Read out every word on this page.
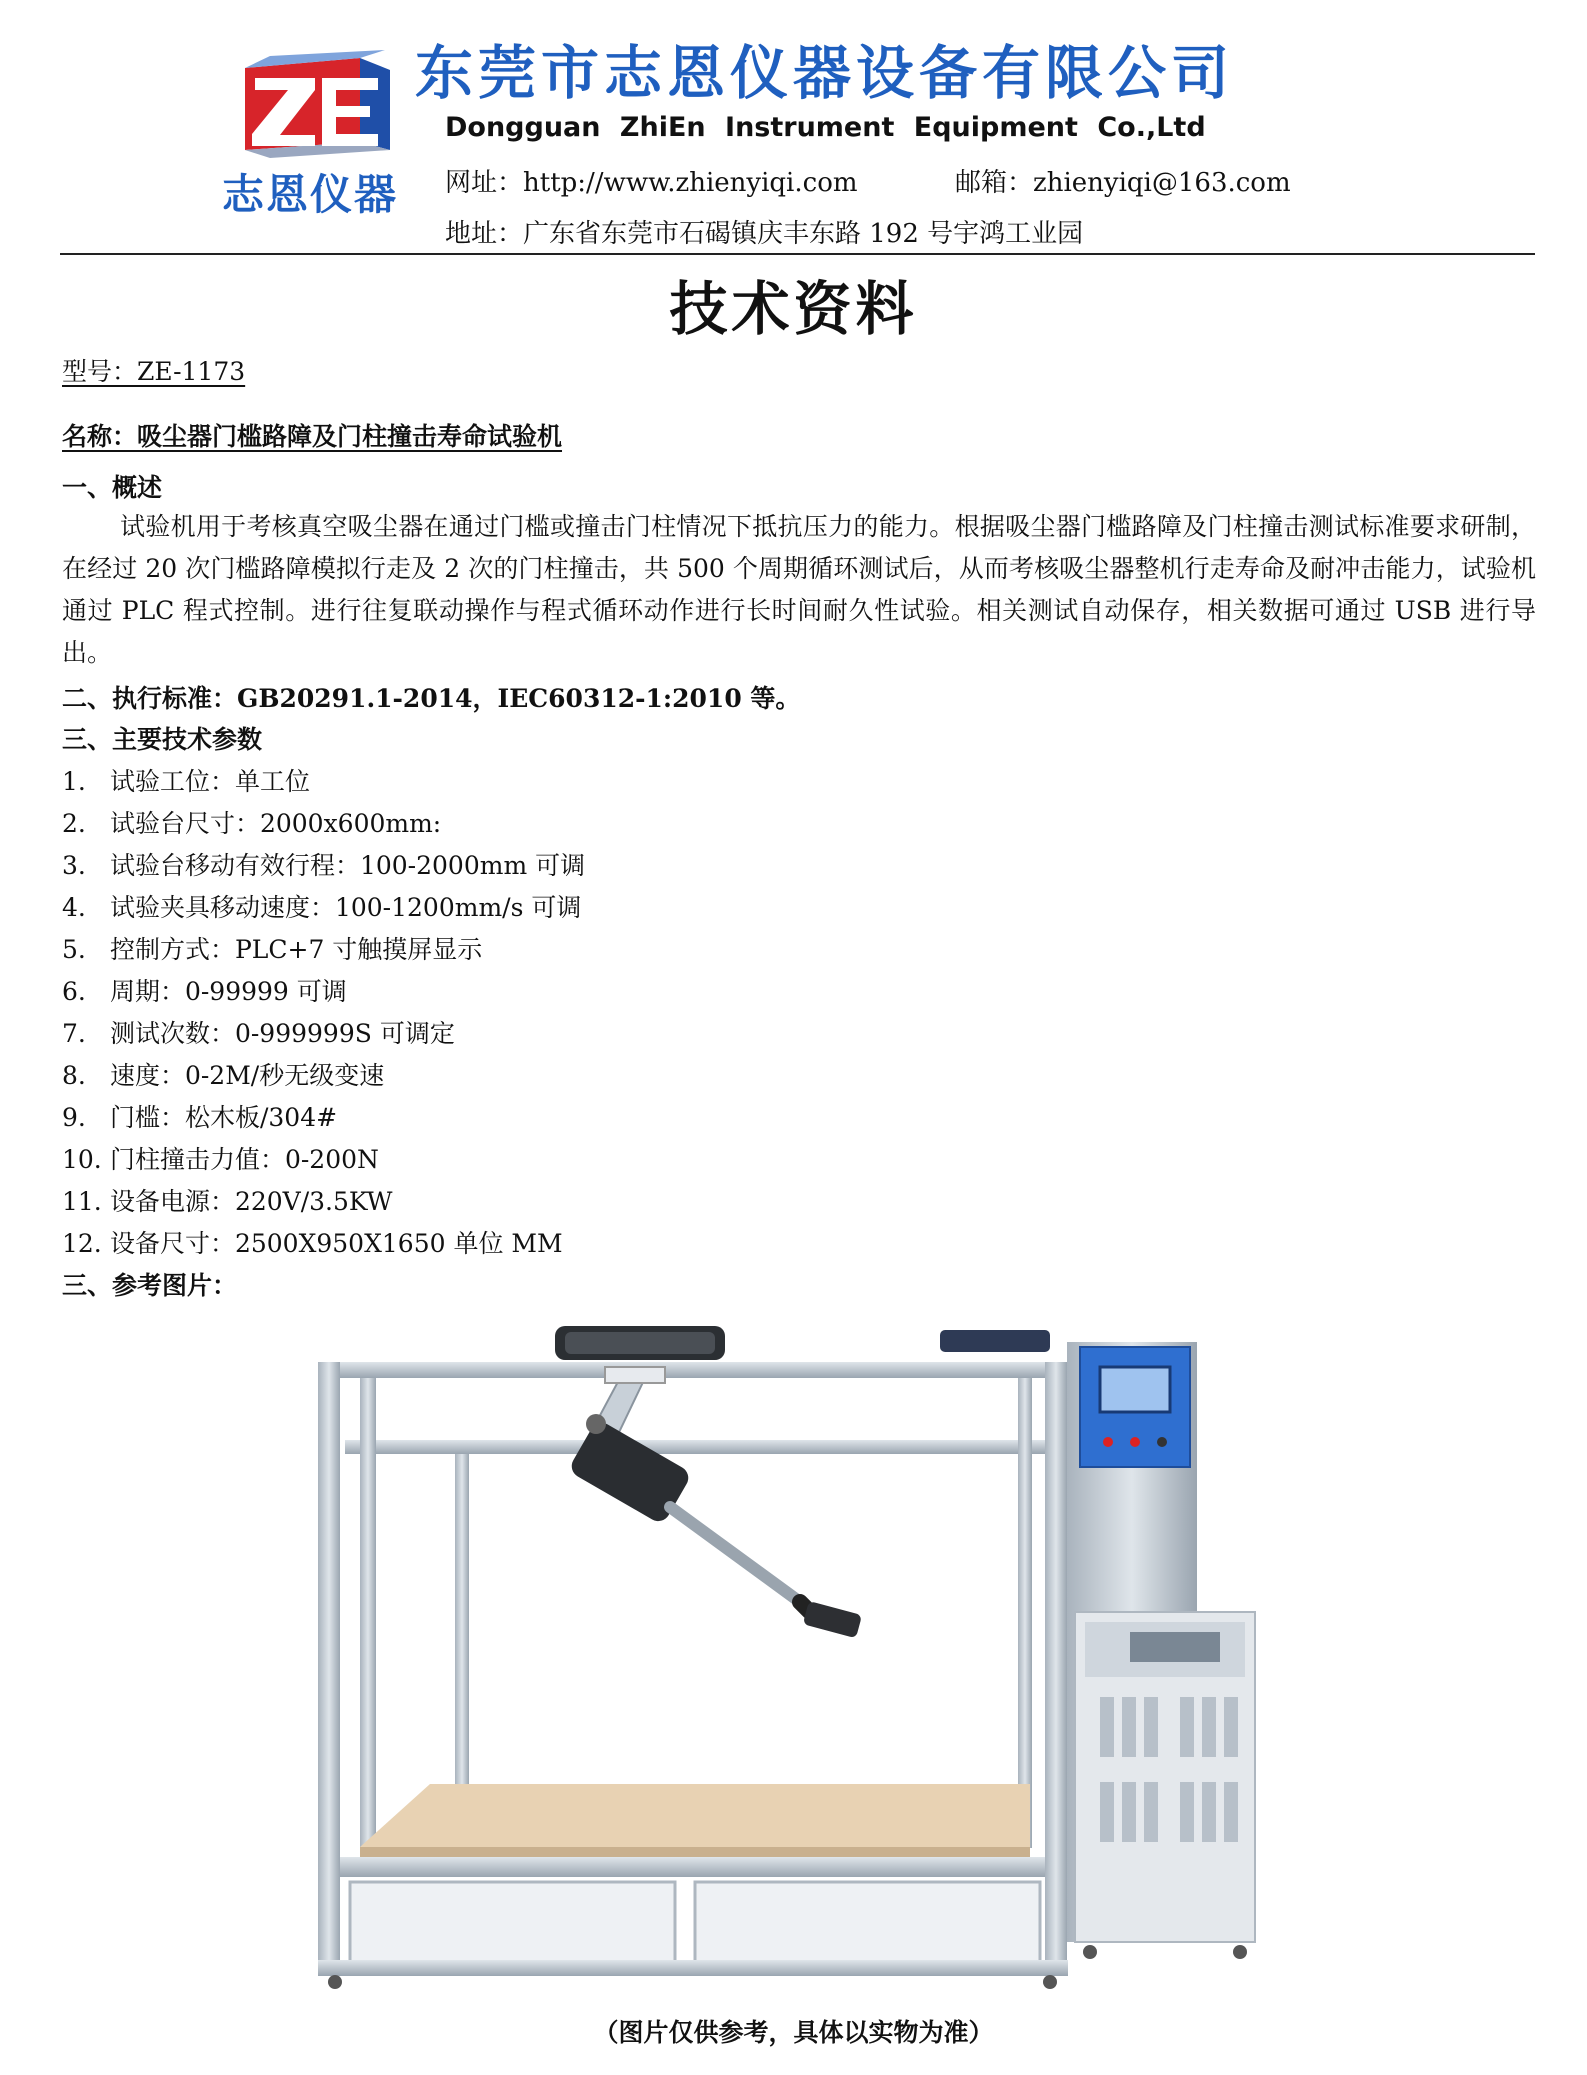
志恩仪器
东莞市志恩仪器设备有限公司
Dongguan ZhiEn Instrument Equipment Co.,Ltd
网址：http://www.zhienyiqi.com	邮箱：zhienyiqi@163.com
地址：广东省东莞市石碣镇庆丰东路 192 号宇鸿工业园
技术资料
型号：ZE-1173
名称：吸尘器门槛路障及门柱撞击寿命试验机
一、概述
试验机用于考核真空吸尘器在通过门槛或撞击门柱情况下抵抗压力的能力。根据吸尘器门槛路障及门柱撞击测试标准要求研制，在经过 20 次门槛路障模拟行走及 2 次的门柱撞击，共 500 个周期循环测试后，从而考核吸尘器整机行走寿命及耐冲击能力，试验机通过 PLC 程式控制。进行往复联动操作与程式循环动作进行长时间耐久性试验。相关测试自动保存，相关数据可通过 USB 进行导出。
二、执行标准：GB20291.1-2014，IEC60312-1:2010 等。
三、主要技术参数
1. 试验工位：单工位
2. 试验台尺寸：2000x600mm:
3. 试验台移动有效行程：100-2000mm 可调
4. 试验夹具移动速度：100-1200mm/s 可调
5. 控制方式：PLC+7 寸触摸屏显示
6. 周期：0-99999 可调
7. 测试次数：0-999999S 可调定
8. 速度：0-2M/秒无级变速
9. 门槛：松木板/304#
10. 门柱撞击力值：0-200N
11. 设备电源：220V/3.5KW
12. 设备尺寸：2500X950X1650 单位 MM
三、参考图片：
（图片仅供参考，具体以实物为准）
